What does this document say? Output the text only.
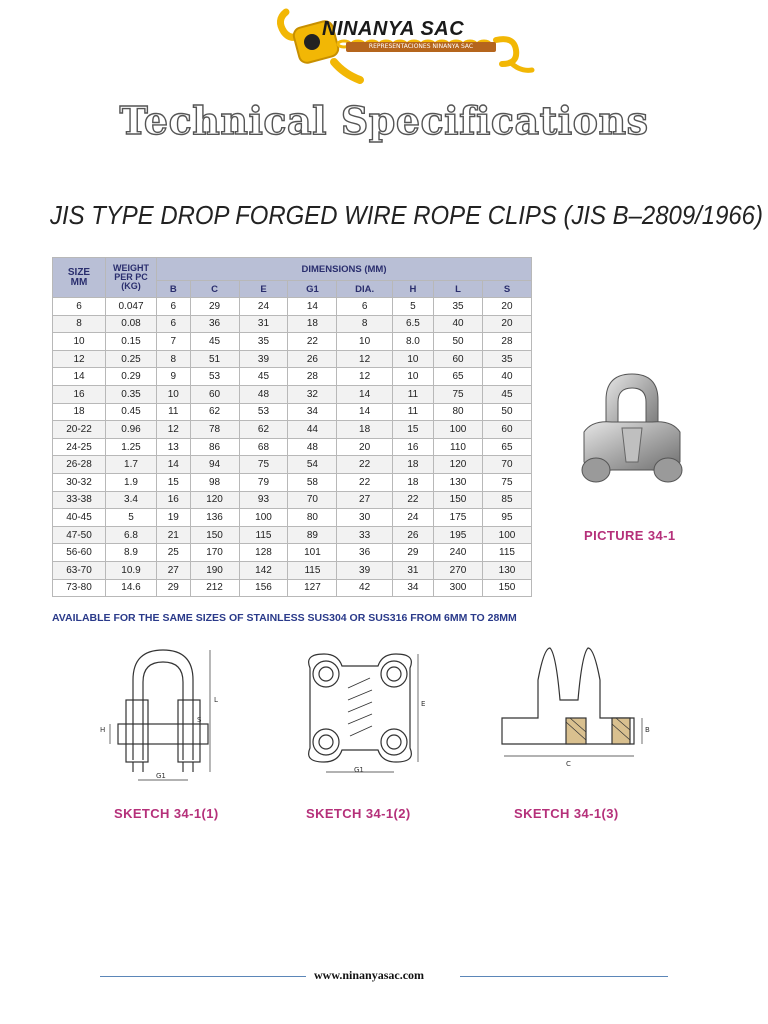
NINANYA SAC
REPRESENTACIONES NINANYA SAC
Technical Specifications
JIS TYPE DROP FORGED WIRE ROPE CLIPS (JIS B–2809/1966)
SIZE
MM	WEIGHT
PER PC
(KG)	DIMENSIONS (MM)							
		B	C	E	G1	DIA.	H	L	S
6	0.047	6	29	24	14	6	5	35	20
8	0.08	6	36	31	18	8	6.5	40	20
10	0.15	7	45	35	22	10	8.0	50	28
12	0.25	8	51	39	26	12	10	60	35
14	0.29	9	53	45	28	12	10	65	40
16	0.35	10	60	48	32	14	11	75	45
18	0.45	11	62	53	34	14	11	80	50
20-22	0.96	12	78	62	44	18	15	100	60
24-25	1.25	13	86	68	48	20	16	110	65
26-28	1.7	14	94	75	54	22	18	120	70
30-32	1.9	15	98	79	58	22	18	130	75
33-38	3.4	16	120	93	70	27	22	150	85
40-45	5	19	136	100	80	30	24	175	95
47-50	6.8	21	150	115	89	33	26	195	100
56-60	8.9	25	170	128	101	36	29	240	115
63-70	10.9	27	190	142	115	39	31	270	130
73-80	14.6	29	212	156	127	42	34	300	150
PICTURE 34-1
AVAILABLE FOR THE SAME SIZES OF STAINLESS SUS304 OR SUS316 FROM 6MM TO 28MM
H
S
L
G1
SKETCH 34-1(1)
E
G1
SKETCH 34-1(2)
C
B
SKETCH 34-1(3)
www.ninanyasac.com
